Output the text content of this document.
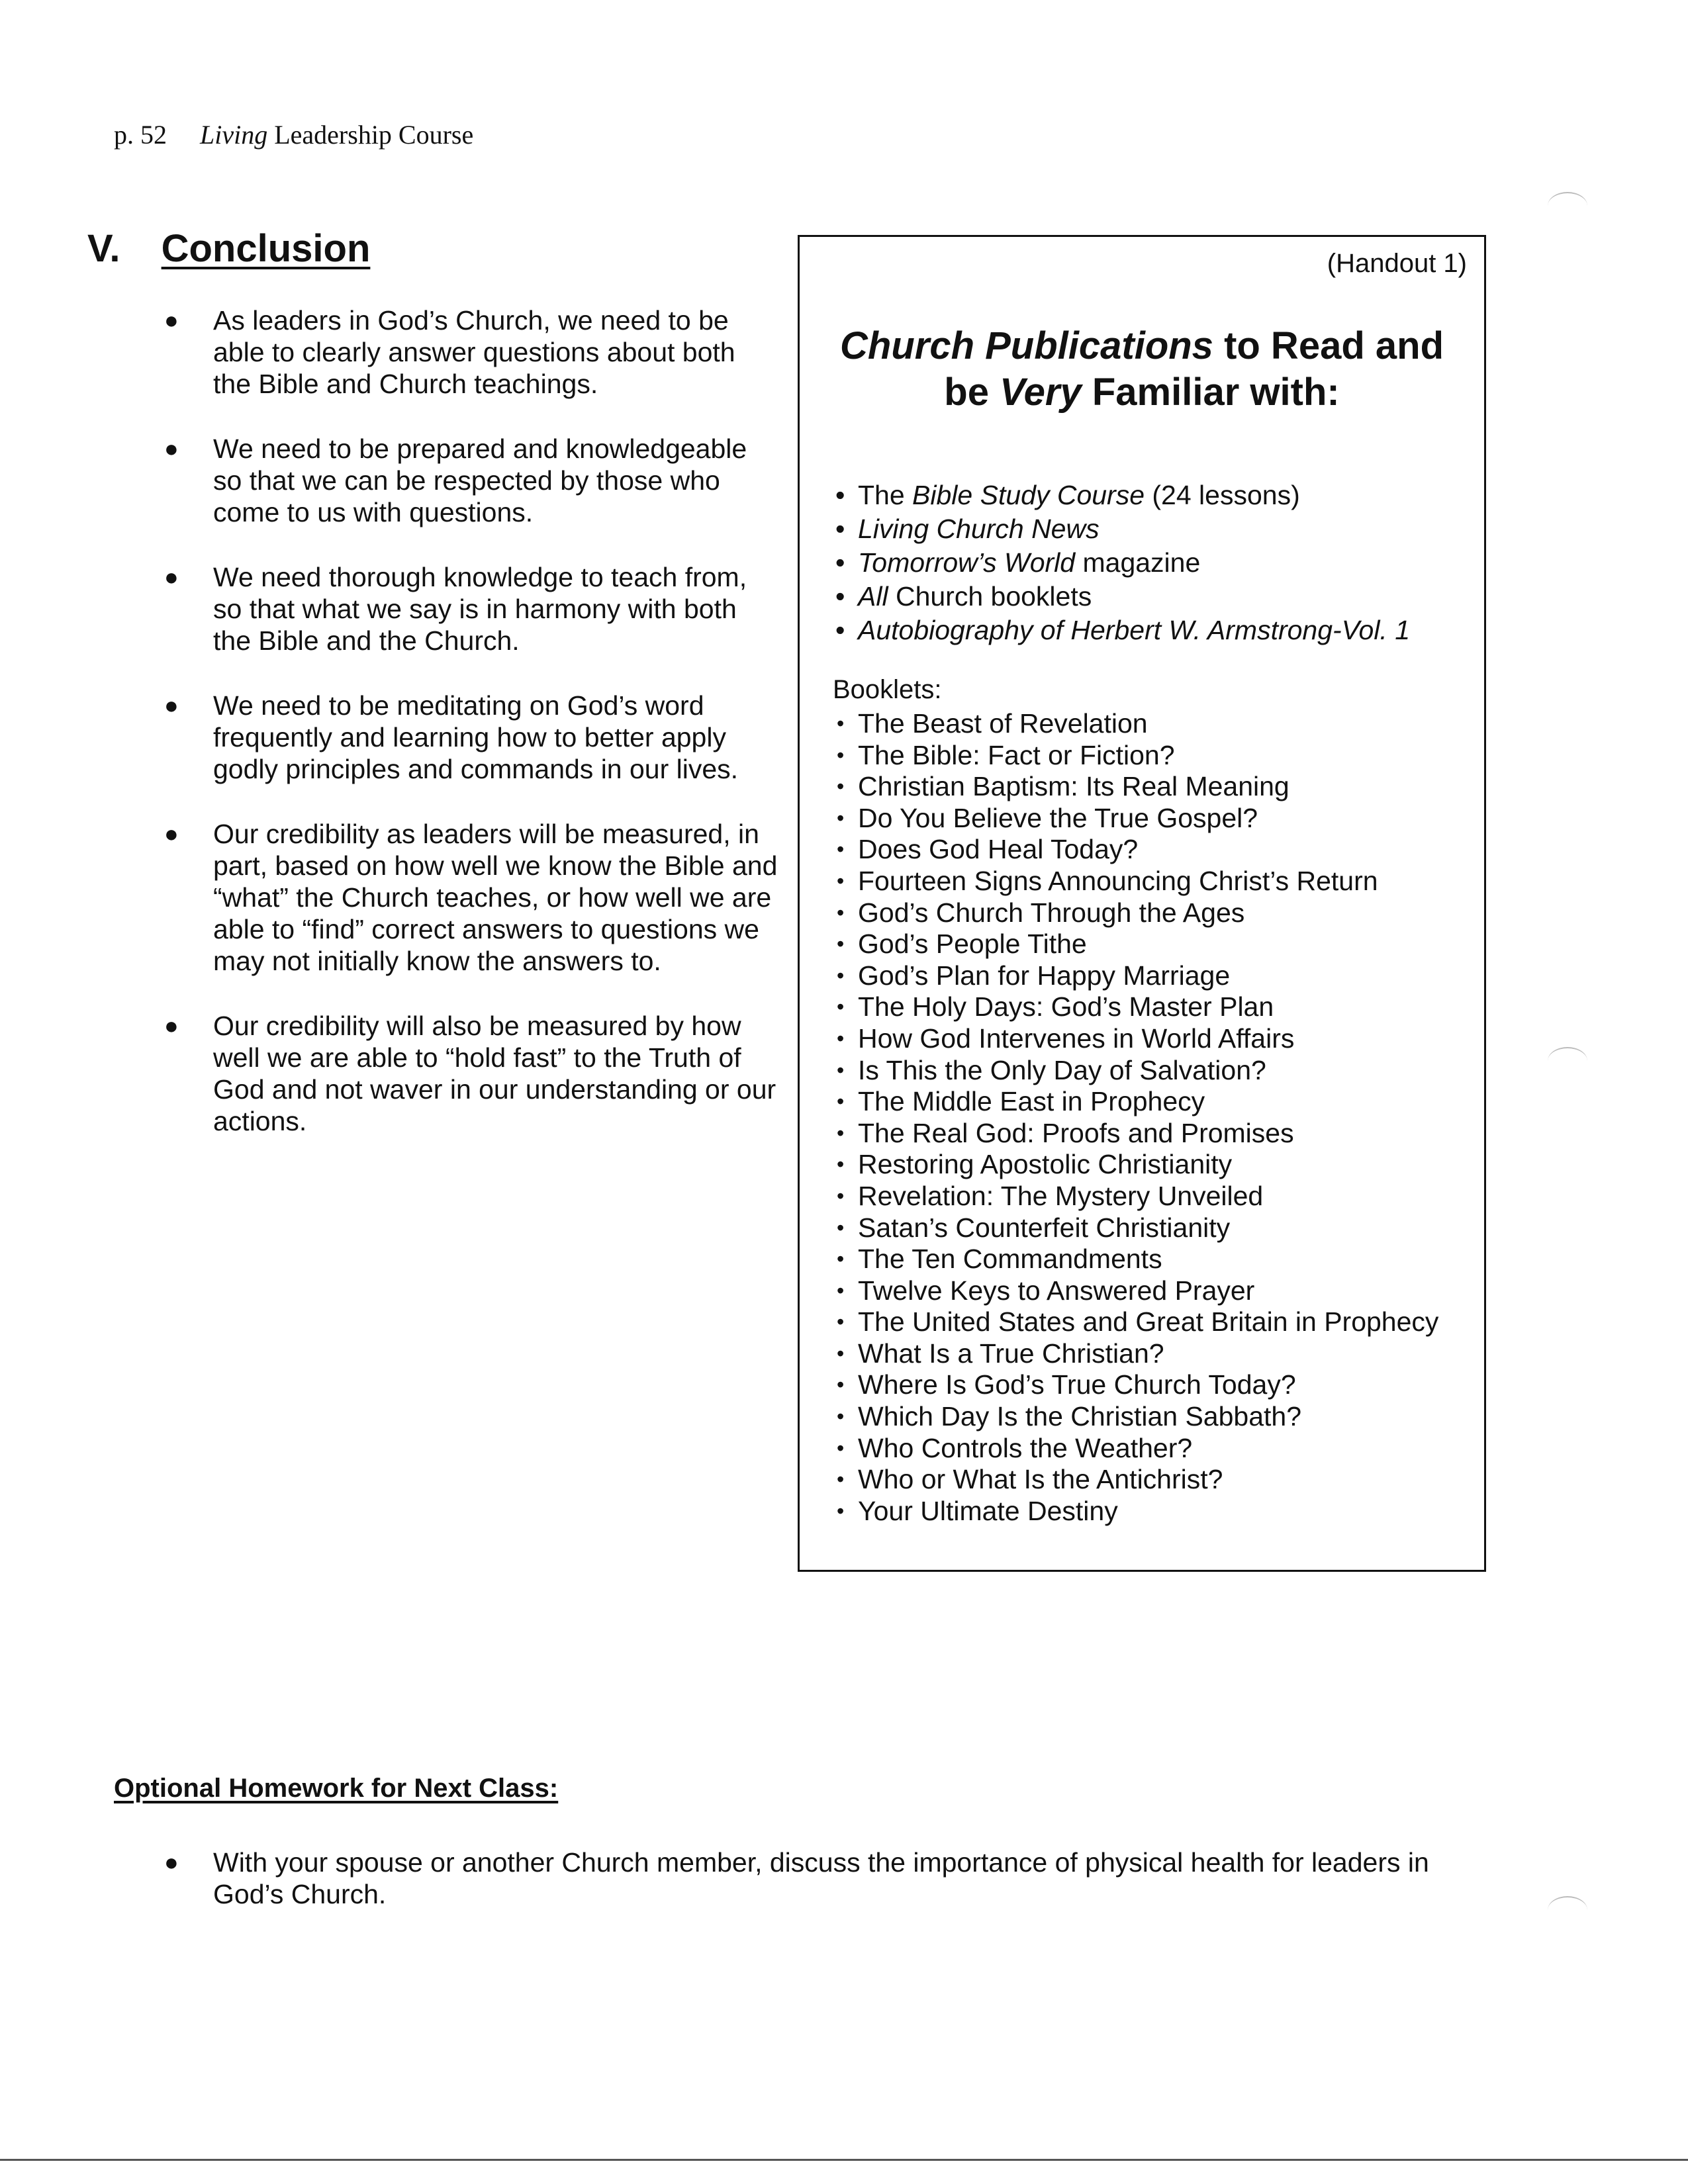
p. 52 Living Leadership Course
V. Conclusion
● As leaders in God’s Church, we need to be able to clearly answer questions about both the Bible and Church teachings.
● We need to be prepared and knowledgeable so that we can be respected by those who come to us with questions.
● We need thorough knowledge to teach from, so that what we say is in harmony with both the Bible and the Church.
● We need to be meditating on God’s word frequently and learning how to better apply godly principles and commands in our lives.
● Our credibility as leaders will be measured, in part, based on how well we know the Bible and “what” the Church teaches, or how well we are able to “find” correct answers to questions we may not initially know the answers to.
● Our credibility will also be measured by how well we are able to “hold fast” to the Truth of God and not waver in our understanding or our actions.
(Handout 1)
Church Publications to Read and
be Very Familiar with:
• The Bible Study Course (24 lessons)
• Living Church News
• Tomorrow’s World magazine
• All Church booklets
• Autobiography of Herbert W. Armstrong-Vol. 1
Booklets:
• The Beast of Revelation
• The Bible: Fact or Fiction?
• Christian Baptism: Its Real Meaning
• Do You Believe the True Gospel?
• Does God Heal Today?
• Fourteen Signs Announcing Christ’s Return
• God’s Church Through the Ages
• God’s People Tithe
• God’s Plan for Happy Marriage
• The Holy Days: God’s Master Plan
• How God Intervenes in World Affairs
• Is This the Only Day of Salvation?
• The Middle East in Prophecy
• The Real God: Proofs and Promises
• Restoring Apostolic Christianity
• Revelation: The Mystery Unveiled
• Satan’s Counterfeit Christianity
• The Ten Commandments
• Twelve Keys to Answered Prayer
• The United States and Great Britain in Prophecy
• What Is a True Christian?
• Where Is God’s True Church Today?
• Which Day Is the Christian Sabbath?
• Who Controls the Weather?
• Who or What Is the Antichrist?
• Your Ultimate Destiny
Optional Homework for Next Class:
● With your spouse or another Church member, discuss the importance of physical health for leaders in God’s Church.
